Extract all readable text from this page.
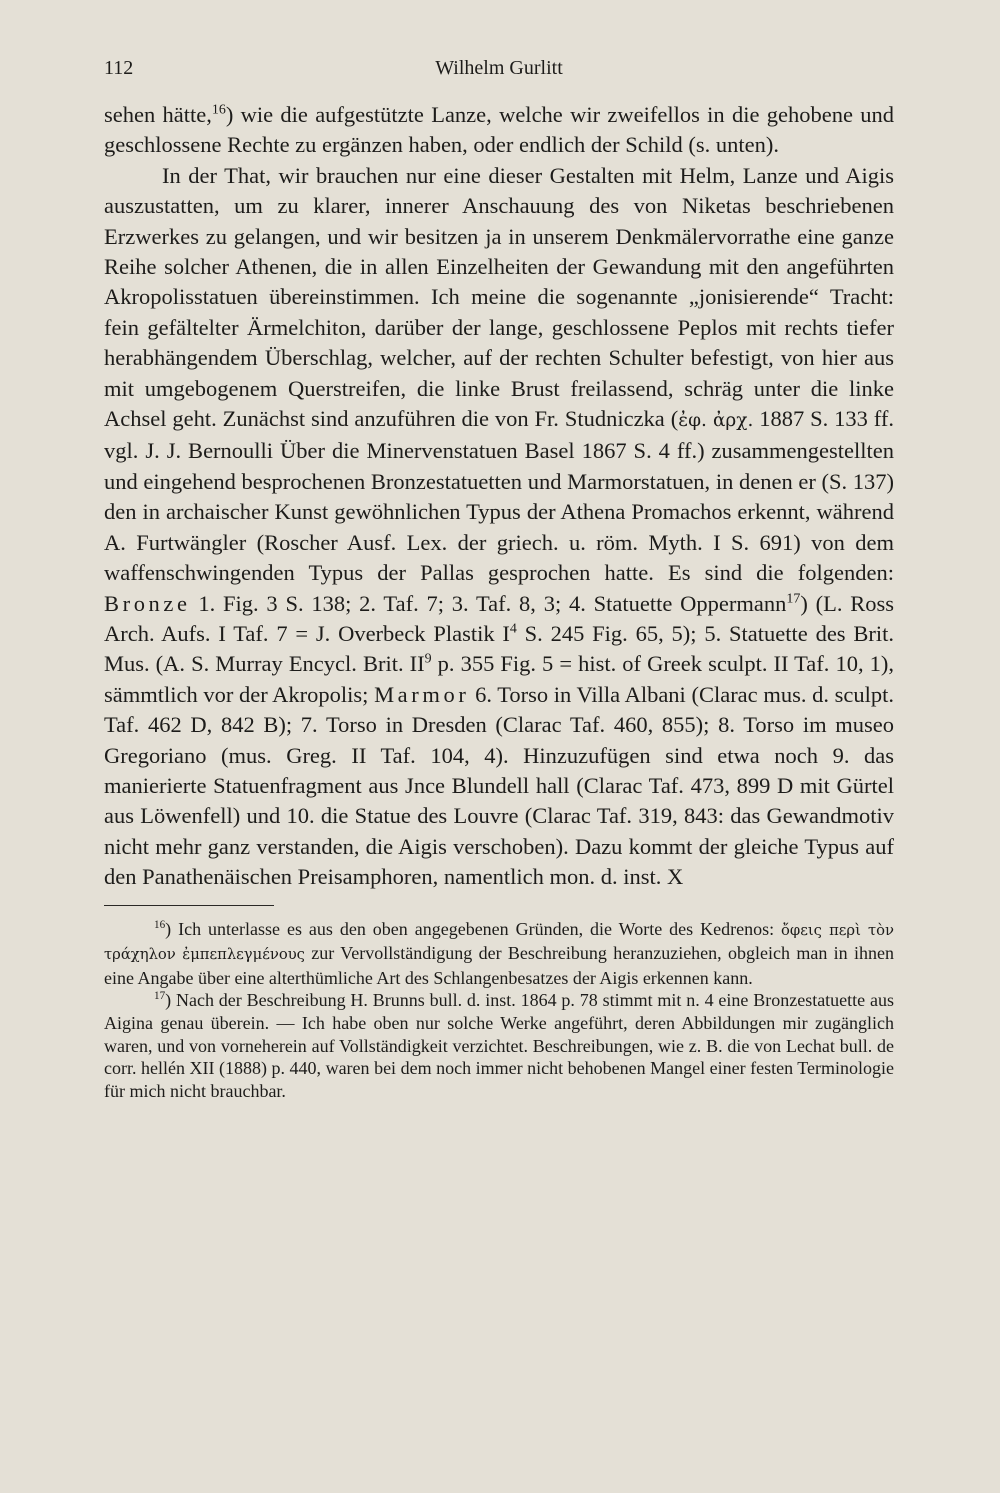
112	Wilhelm Gurlitt

sehen hätte,$^{16}$) wie die aufgestützte Lanze, welche wir zweifellos in die gehobene und geschlossene Rechte zu ergänzen haben, oder endlich der Schild (s. unten).

In der That, wir brauchen nur eine dieser Gestalten mit Helm, Lanze und Aigis auszustatten, um zu klarer, innerer Anschauung des von Niketas beschriebenen Erzwerkes zu gelangen, und wir besitzen ja in unserem Denkmälervorrathe eine ganze Reihe solcher Athenen, die in allen Einzelheiten der Gewandung mit den angeführten Akropolisstatuen übereinstimmen. Ich meine die sogenannte „jonisierende“ Tracht: fein gefältelter Ärmelchiton, darüber der lange, geschlossene Peplos mit rechts tiefer herabhängendem Überschlag, welcher, auf der rechten Schulter befestigt, von hier aus mit umgebogenem Querstreifen, die linke Brust freilassend, schräg unter die linke Achsel geht. Zunächst sind anzuführen die von Fr. Studniczka (ἐφ. ἀρχ. 1887 S. 133 ff. vgl. J. J. Bernoulli Über die Minervenstatuen Basel 1867 S. 4 ff.) zusammengestellten und eingehend besprochenen Bronzestatuetten und Marmorstatuen, in denen er (S. 137) den in archaischer Kunst gewöhnlichen Typus der Athena Promachos erkennt, während A. Furtwängler (Roscher Ausf. Lex. der griech. u. röm. Myth. I S. 691) von dem waffenschwingenden Typus der Pallas gesprochen hatte. Es sind die folgenden: Bronze 1. Fig. 3 S. 138; 2. Taf. 7; 3. Taf. 8, 3; 4. Statuette Oppermann$^{17}$) (L. Ross Arch. Aufs. I Taf. 7 = J. Overbeck Plastik $I^4$ S. 245 Fig. 65, 5); 5. Statuette des Brit. Mus. (A. S. Murray Encycl. Brit. $II^9$ p. 355 Fig. 5 = hist. of Greek sculpt. II Taf. 10, 1), sämmtlich vor der Akropolis; Marmor 6. Torso in Villa Albani (Clarac mus. d. sculpt. Taf. 462 D, 842 B); 7. Torso in Dresden (Clarac Taf. 460, 855); 8. Torso im museo Gregoriano (mus. Greg. II Taf. 104, 4). Hinzuzufügen sind etwa noch 9. das manierierte Statuenfragment aus Jnce Blundell hall (Clarac Taf. 473, 899 D mit Gürtel aus Löwenfell) und 10. die Statue des Louvre (Clarac Taf. 319, 843: das Gewandmotiv nicht mehr ganz verstanden, die Aigis verschoben). Dazu kommt der gleiche Typus auf den Panathenäischen Preisamphoren, namentlich mon. d. inst. X

$^{16}$) Ich unterlasse es aus den oben angegebenen Gründen, die Worte des Kedrenos: ὄφεις περὶ τὸν τράχηλον ἐμπεπλεγμένους zur Vervollständigung der Beschreibung heranzuziehen, obgleich man in ihnen eine Angabe über eine alterthümliche Art des Schlangenbesatzes der Aigis erkennen kann.

$^{17}$) Nach der Beschreibung H. Brunns bull. d. inst. 1864 p. 78 stimmt mit n. 4 eine Bronzestatuette aus Aigina genau überein. — Ich habe oben nur solche Werke angeführt, deren Abbildungen mir zugänglich waren, und von vorneherein auf Vollständigkeit verzichtet. Beschreibungen, wie z. B. die von Lechat bull. de corr. hellén XII (1888) p. 440, waren bei dem noch immer nicht behobenen Mangel einer festen Terminologie für mich nicht brauchbar.
